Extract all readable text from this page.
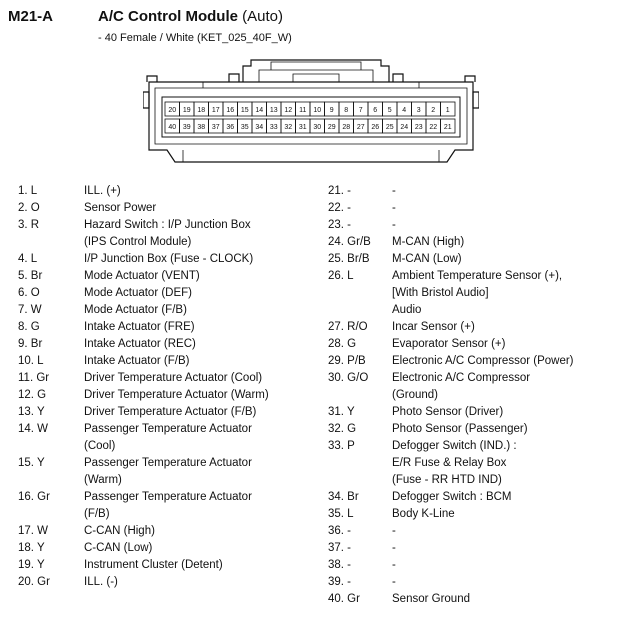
M21-A	A/C Control Module (Auto)
- 40 Female / White (KET_025_40F_W)
20 19 18 17 16 15 14 13 12 11 10 9 8 7 6 5 4 3 2 1
40 39 38 37 36 35 34 33 32 31 30 29 28 27 26 25 24 23 22 21
1. L	ILL. (+)
2. O	Sensor Power
3. R	Hazard Switch : I/P Junction Box
(IPS Control Module)
4. L	I/P Junction Box (Fuse - CLOCK)
5. Br	Mode Actuator (VENT)
6. O	Mode Actuator (DEF)
7. W	Mode Actuator (F/B)
8. G	Intake Actuator (FRE)
9. Br	Intake Actuator (REC)
10. L	Intake Actuator (F/B)
11. Gr	Driver Temperature Actuator (Cool)
12. G	Driver Temperature Actuator (Warm)
13. Y	Driver Temperature Actuator (F/B)
14. W	Passenger Temperature Actuator
(Cool)
15. Y	Passenger Temperature Actuator
(Warm)
16. Gr	Passenger Temperature Actuator
(F/B)
17. W	C-CAN (High)
18. Y	C-CAN (Low)
19. Y	Instrument Cluster (Detent)
20. Gr	ILL. (-)
21. -	-
22. -	-
23. -	-
24. Gr/B	M-CAN (High)
25. Br/B	M-CAN (Low)
26. L	Ambient Temperature Sensor (+),
[With Bristol Audio]
Audio
27. R/O	Incar Sensor (+)
28. G	Evaporator Sensor (+)
29. P/B	Electronic A/C Compressor (Power)
30. G/O	Electronic A/C Compressor
(Ground)
31. Y	Photo Sensor (Driver)
32. G	Photo Sensor (Passenger)
33. P	Defogger Switch (IND.) :
E/R Fuse & Relay Box
(Fuse - RR HTD IND)
34. Br	Defogger Switch : BCM
35. L	Body K-Line
36. -	-
37. -	-
38. -	-
39. -	-
40. Gr	Sensor Ground
